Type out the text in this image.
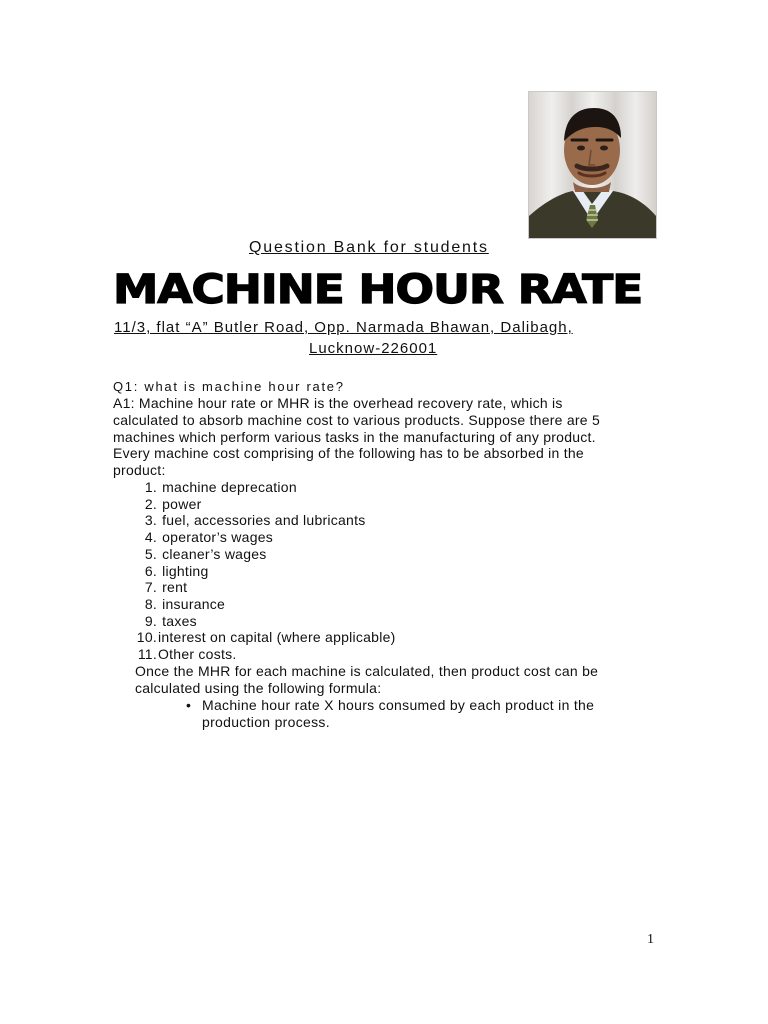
Question Bank for students
MACHINE HOUR RATE
11/3, flat “A” Butler Road, Opp. Narmada Bhawan, Dalibagh,
Lucknow-226001
Q1: what is machine hour rate?
A1: Machine hour rate or MHR is the overhead recovery rate, which is
calculated to absorb machine cost to various products. Suppose there are 5
machines which perform various tasks in the manufacturing of any product.
Every machine cost comprising of the following has to be absorbed in the
product:
1. machine deprecation
2. power
3. fuel, accessories and lubricants
4. operator’s wages
5. cleaner’s wages
6. lighting
7. rent
8. insurance
9. taxes
10.interest on capital (where applicable)
11.Other costs.
Once the MHR for each machine is calculated, then product cost can be
calculated using the following formula:
• Machine hour rate X hours consumed by each product in the
production process.
1
